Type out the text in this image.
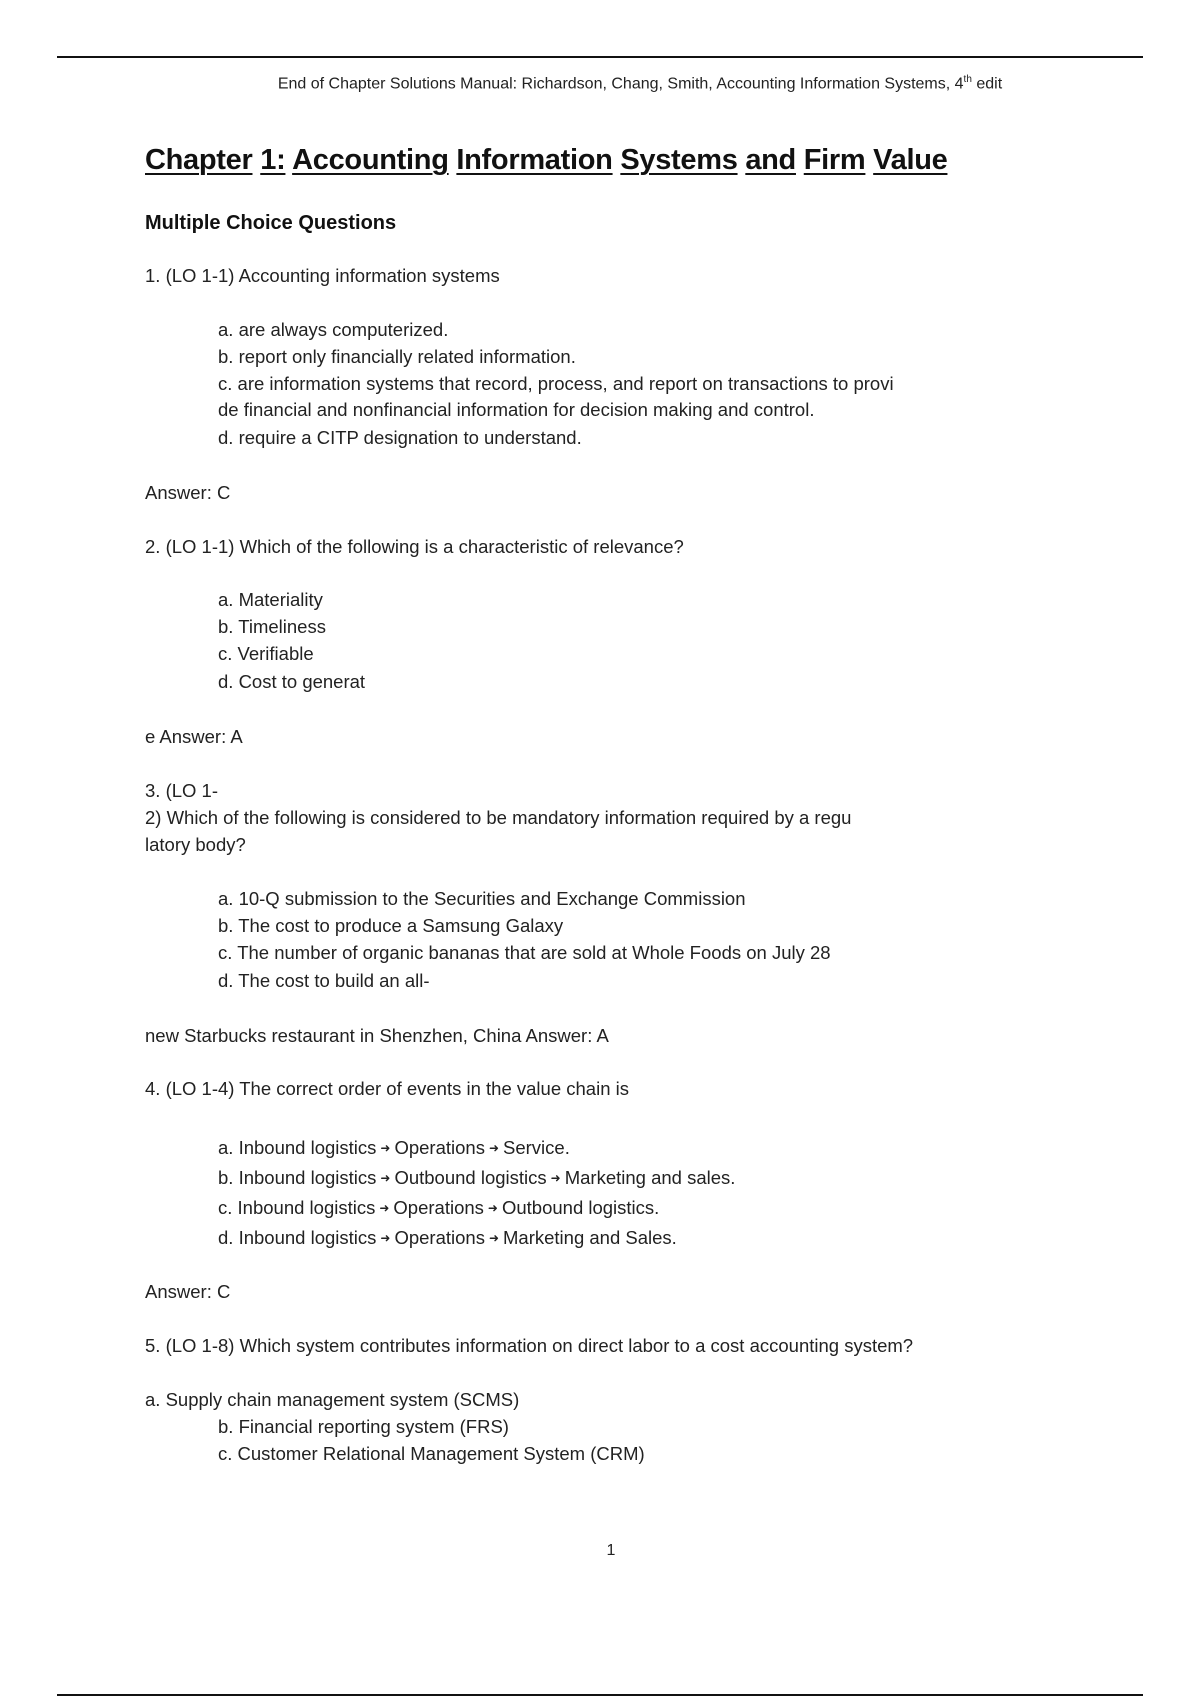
End of Chapter Solutions Manual: Richardson, Chang, Smith, Accounting Information Systems, 4th edit
Chapter 1: Accounting Information Systems and Firm Value
Multiple Choice Questions
1. (LO 1-1) Accounting information systems
a. are always computerized.
b. report only financially related information.
c. are information systems that record, process, and report on transactions to provi
de financial and nonfinancial information for decision making and control.
d. require a CITP designation to understand.
Answer: C
2. (LO 1-1) Which of the following is a characteristic of relevance?
a. Materiality
b. Timeliness
c. Verifiable
d. Cost to generat
e Answer: A
3. (LO 1-
2) Which of the following is considered to be mandatory information required by a regu
latory body?
a. 10-Q submission to the Securities and Exchange Commission
b. The cost to produce a Samsung Galaxy
c. The number of organic bananas that are sold at Whole Foods on July 28
d. The cost to build an all-
new Starbucks restaurant in Shenzhen, China Answer: A
4. (LO 1-4) The correct order of events in the value chain is
a. Inbound logistics ➜ Operations ➜ Service.
b. Inbound logistics ➜ Outbound logistics ➜ Marketing and sales.
c. Inbound logistics ➜ Operations ➜ Outbound logistics.
d. Inbound logistics ➜ Operations ➜ Marketing and Sales.
Answer: C
5. (LO 1-8) Which system contributes information on direct labor to a cost accounting system?
a. Supply chain management system (SCMS)
b. Financial reporting system (FRS)
c. Customer Relational Management System (CRM)
1
